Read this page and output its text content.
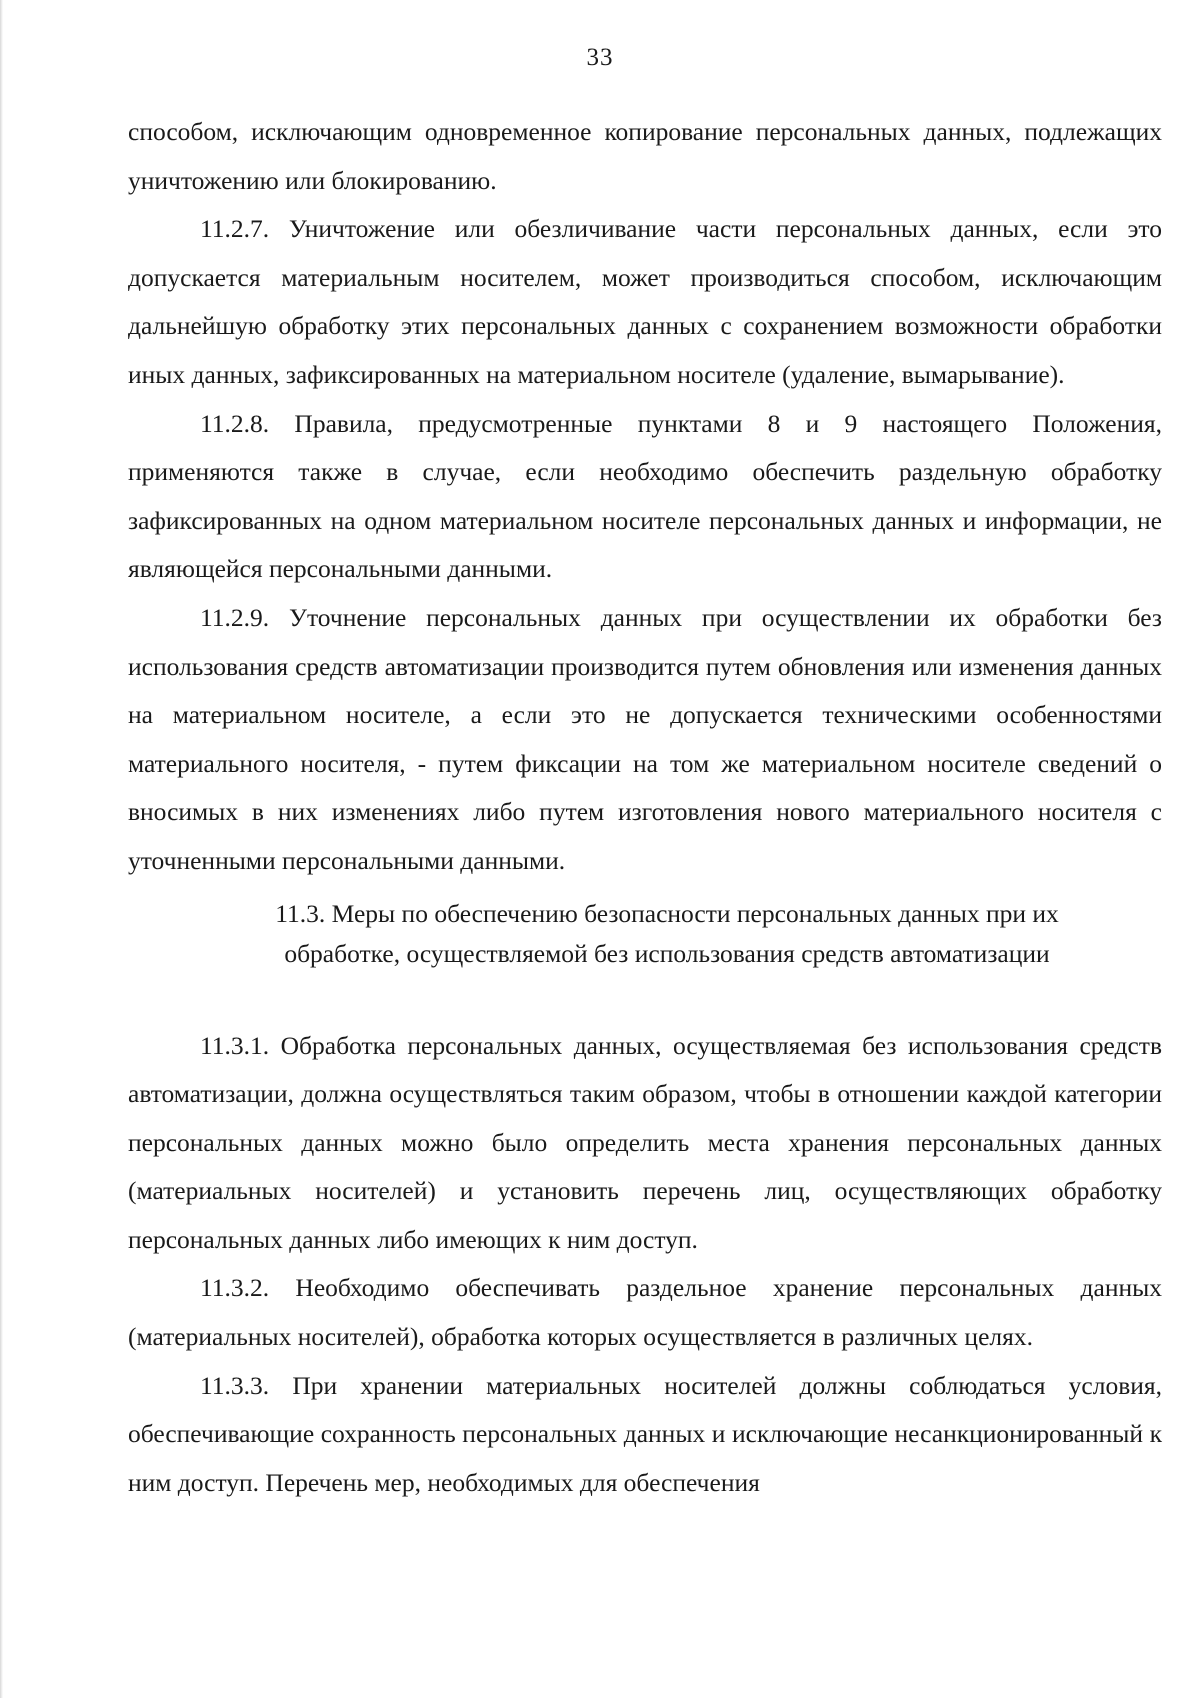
33

способом, исключающим одновременное копирование персональных данных, подлежащих уничтожению или блокированию.

11.2.7. Уничтожение или обезличивание части персональных данных, если это допускается материальным носителем, может производиться способом, исключающим дальнейшую обработку этих персональных данных с сохранением возможности обработки иных данных, зафиксированных на материальном носителе (удаление, вымарывание).

11.2.8. Правила, предусмотренные пунктами 8 и 9 настоящего Положения, применяются также в случае, если необходимо обеспечить раздельную обработку зафиксированных на одном материальном носителе персональных данных и информации, не являющейся персональными данными.

11.2.9. Уточнение персональных данных при осуществлении их обработки без использования средств автоматизации производится путем обновления или изменения данных на материальном носителе, а если это не допускается техническими особенностями материального носителя, - путем фиксации на том же материальном носителе сведений о вносимых в них изменениях либо путем изготовления нового материального носителя с уточненными персональными данными.

11.3. Меры по обеспечению безопасности персональных данных при их
обработке, осуществляемой без использования средств автоматизации

11.3.1. Обработка персональных данных, осуществляемая без использования средств автоматизации, должна осуществляться таким образом, чтобы в отношении каждой категории персональных данных можно было определить места хранения персональных данных (материальных носителей) и установить перечень лиц, осуществляющих обработку персональных данных либо имеющих к ним доступ.

11.3.2. Необходимо обеспечивать раздельное хранение персональных данных (материальных носителей), обработка которых осуществляется в различных целях.

11.3.3. При хранении материальных носителей должны соблюдаться условия, обеспечивающие сохранность персональных данных и исключающие несанкционированный к ним доступ. Перечень мер, необходимых для обеспечения
